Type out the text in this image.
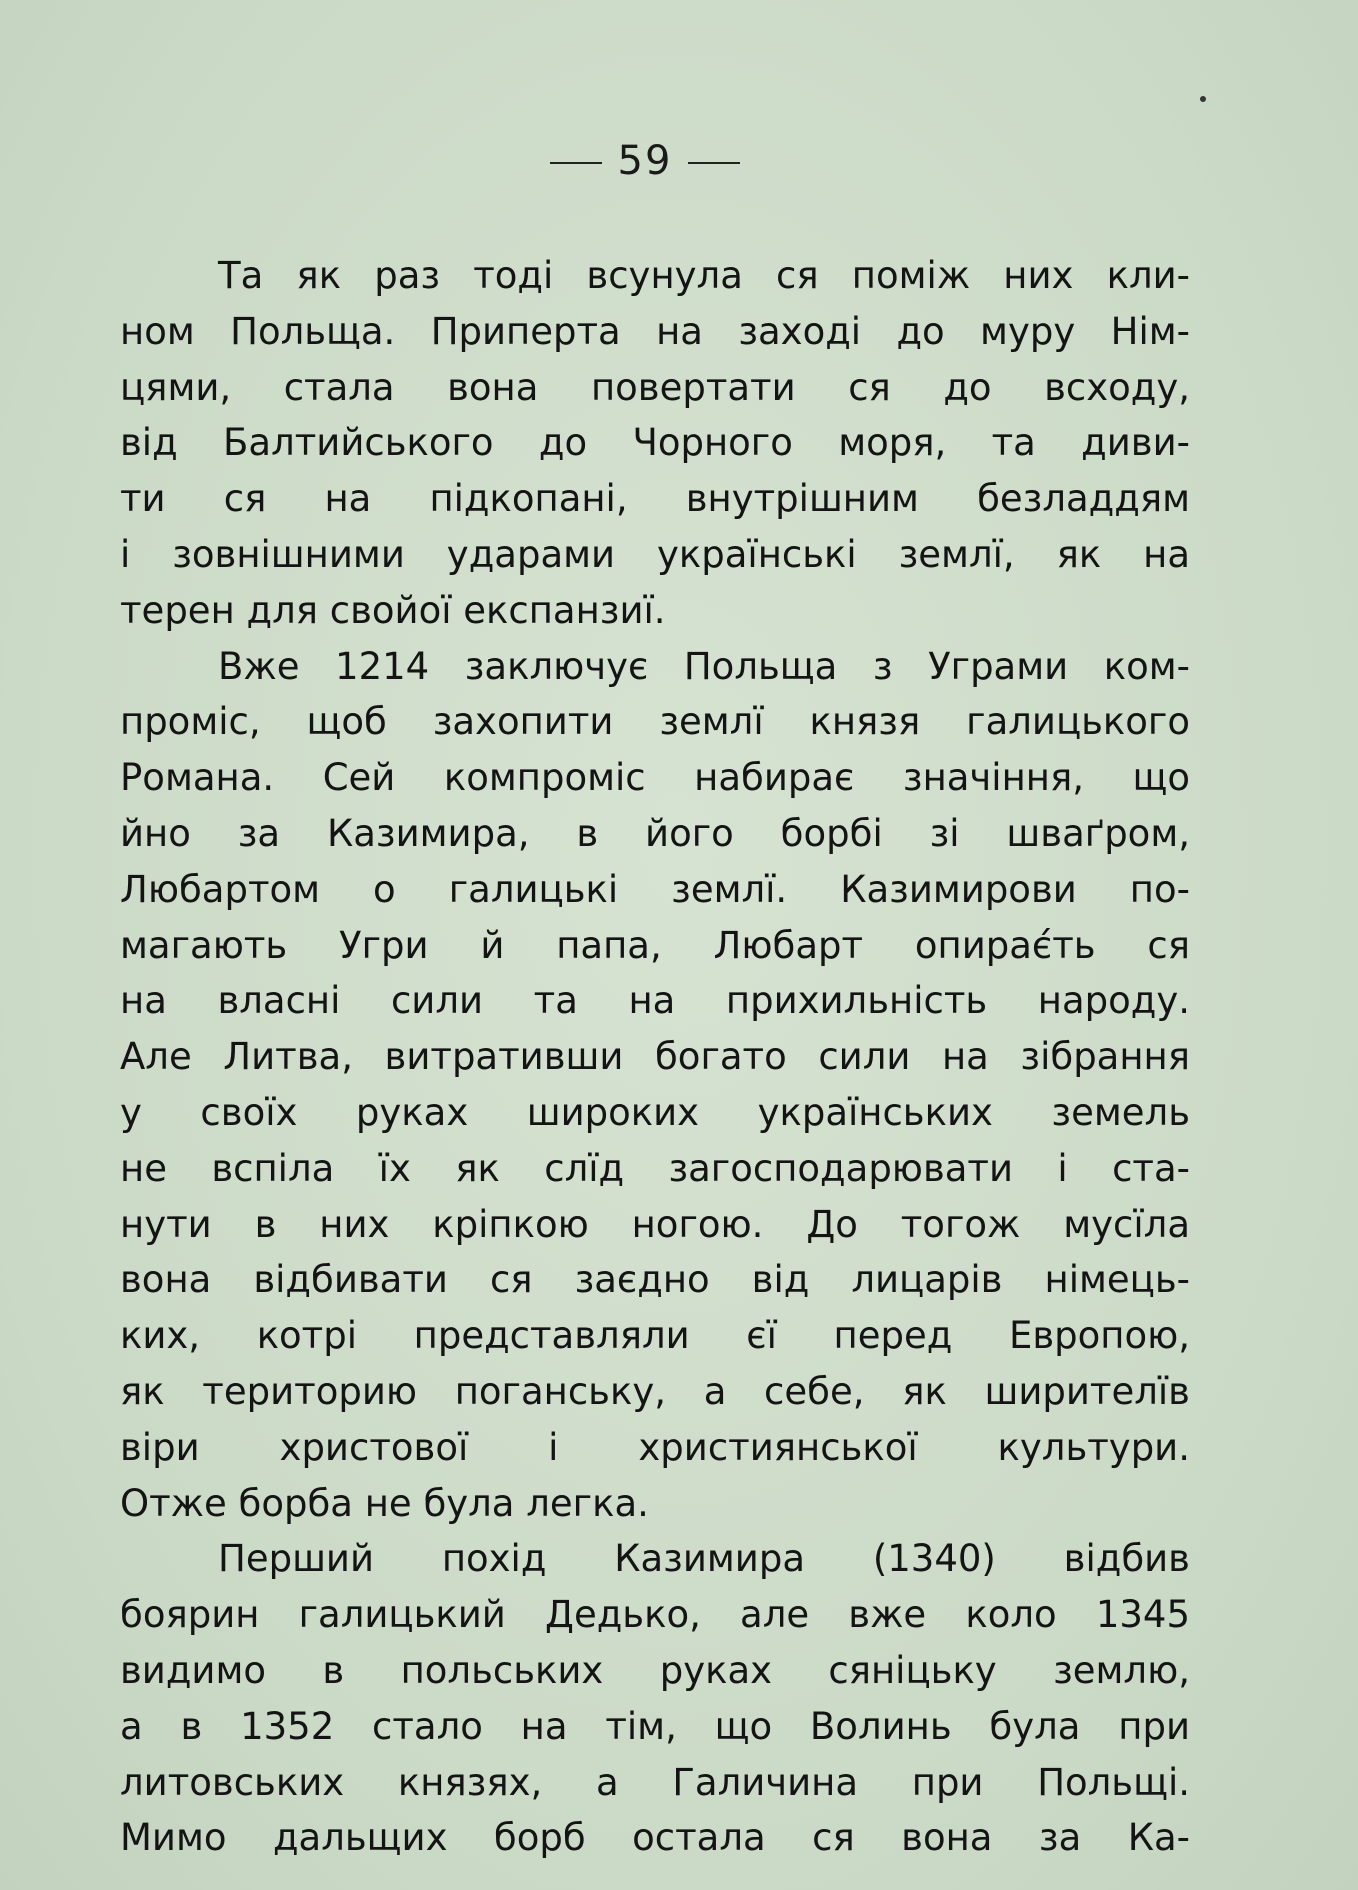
59
Та як раз тоді всунула ся поміж них кли-
ном Польща. Приперта на заході до муру Нім-
цями, стала вона повертати ся до всходу,
від Балтийського до Чорного моря, та диви-
ти ся на підкопані, внутрішним безладдям
і зовнішними ударами українські землї, як на
терен для свойої експанзиї.
Вже 1214 заключує Польща з Уграми ком-
проміс, щоб захопити землї князя галицького
Романа. Сей компроміс набирає значіння, що
йно за Казимира, в його борбі зі шваґром,
Любартом о галицькі землї. Казимирови по-
магають Угри й папа, Любарт опирає́ть ся
на власні сили та на прихильність народу.
Але Литва, витративши богато сили на зібрання
у своїх руках широких українських земель
не вспіла їх як слїд загосподарювати і ста-
нути в них кріпкою ногою. До тогож мусїла
вона відбивати ся заєдно від лицарів німець-
ких, котрі представляли єї перед Европою,
як територию поганську, а себе, як ширителїв
віри христової і християнської культури.
Отже борба не була легка.
Перший похід Казимира (1340) відбив
боярин галицький Дедько, але вже коло 1345
видимо в польських руках сяніцьку землю,
а в 1352 стало на тім, що Волинь була при
литовських князях, а Галичина при Польщі.
Мимо дальщих борб остала ся вона за Ка-
